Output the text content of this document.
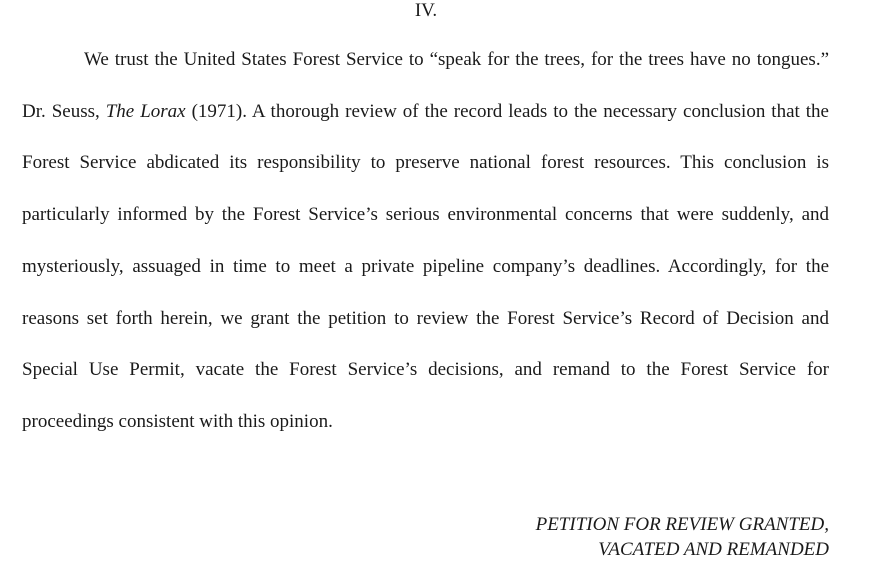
IV.

We trust the United States Forest Service to “speak for the trees, for the trees have no tongues.” Dr. Seuss, The Lorax (1971). A thorough review of the record leads to the necessary conclusion that the Forest Service abdicated its responsibility to preserve national forest resources. This conclusion is particularly informed by the Forest Service’s serious environmental concerns that were suddenly, and mysteriously, assuaged in time to meet a private pipeline company’s deadlines. Accordingly, for the reasons set forth herein, we grant the petition to review the Forest Service’s Record of Decision and Special Use Permit, vacate the Forest Service’s decisions, and remand to the Forest Service for proceedings consistent with this opinion.

PETITION FOR REVIEW GRANTED,
VACATED AND REMANDED
